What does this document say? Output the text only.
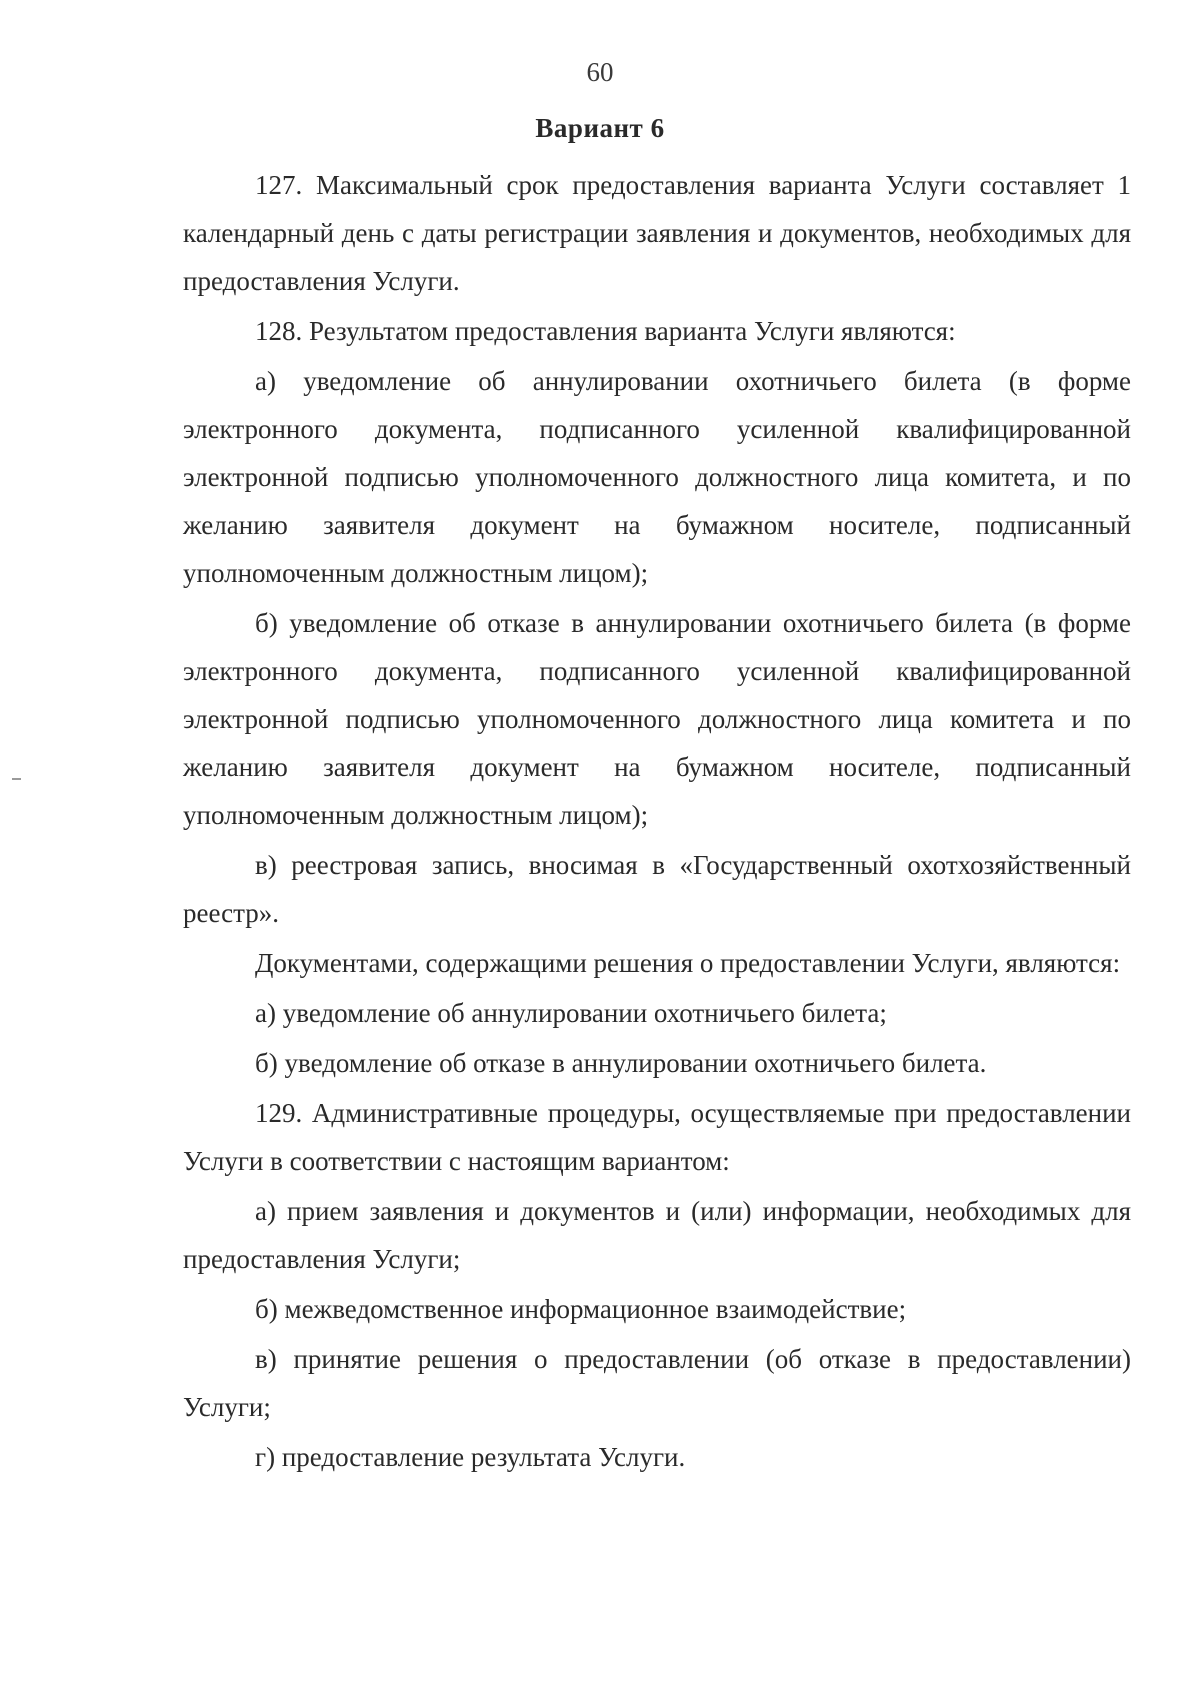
60
Вариант 6

127. Максимальный срок предоставления варианта Услуги составляет 1 календарный день с даты регистрации заявления и документов, необходимых для предоставления Услуги.

128. Результатом предоставления варианта Услуги являются:

а) уведомление об аннулировании охотничьего билета (в форме электронного документа, подписанного усиленной квалифицированной электронной подписью уполномоченного должностного лица комитета, и по желанию заявителя документ на бумажном носителе, подписанный уполномоченным должностным лицом);

б) уведомление об отказе в аннулировании охотничьего билета (в форме электронного документа, подписанного усиленной квалифицированной электронной подписью уполномоченного должностного лица комитета и по желанию заявителя документ на бумажном носителе, подписанный уполномоченным должностным лицом);

в) реестровая запись, вносимая в «Государственный охотхозяйственный реестр».

Документами, содержащими решения о предоставлении Услуги, являются:

а) уведомление об аннулировании охотничьего билета;

б) уведомление об отказе в аннулировании охотничьего билета.

129. Административные процедуры, осуществляемые при предоставлении Услуги в соответствии с настоящим вариантом:

а) прием заявления и документов и (или) информации, необходимых для предоставления Услуги;

б) межведомственное информационное взаимодействие;

в) принятие решения о предоставлении (об отказе в предоставлении) Услуги;

г) предоставление результата Услуги.
